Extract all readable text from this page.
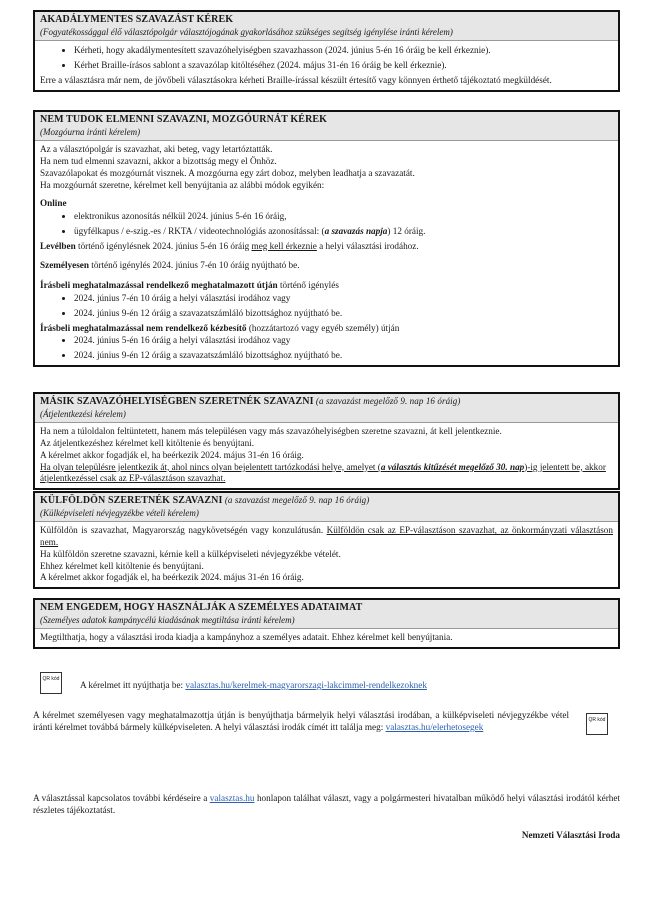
AKADÁLYMENTES SZAVAZÁST KÉREK
(Fogyatékossággal élő választópolgár választójogának gyakorlásához szükséges segítség igénylése iránti kérelem)
• Kérheti, hogy akadálymentesített szavazóhelyiségben szavazhasson (2024. június 5-én 16 óráig be kell érkeznie).
• Kérhet Braille-írásos sablont a szavazólap kitöltéséhez (2024. május 31-én 16 óráig be kell érkeznie).

Erre a választásra már nem, de jövőbeli választásokra kérheti Braille-írással készült értesítő vagy könnyen érthető tájékoztató megküldését.

NEM TUDOK ELMENNI SZAVAZNI, MOZGÓURNÁT KÉREK
(Mozgóurna iránti kérelem)

Az a választópolgár is szavazhat, aki beteg, vagy letartóztatták.

Ha nem tud elmenni szavazni, akkor a bizottság megy el Önhöz.

Szavazólapokat és mozgóurnát visznek. A mozgóurna egy zárt doboz, melyben leadhatja a szavazatát.

Ha mozgóurnát szeretne, kérelmet kell benyújtania az alábbi módok egyikén:

Online

• elektronikus azonosítás nélkül 2024. június 5-én 16 óráig,
• ügyfélkapus / e-szig.-es / RKTA / videotechnológiás azonosítással: (a szavazás napja) 12 óráig.

Levélben történő igénylésnek 2024. június 5-én 16 óráig meg kell érkeznie a helyi választási irodához.

Személyesen történő igénylés 2024. június 7-én 10 óráig nyújtható be.

Írásbeli meghatalmazással rendelkező meghatalmazott útján történő igénylés

• 2024. június 7-én 10 óráig a helyi választási irodához vagy
• 2024. június 9-én 12 óráig a szavazatszámláló bizottsághoz nyújtható be.

Írásbeli meghatalmazással nem rendelkező kézbesítő (hozzátartozó vagy egyéb személy) útján

• 2024. június 5-én 16 óráig a helyi választási irodához vagy
• 2024. június 9-én 12 óráig a szavazatszámláló bizottsághoz nyújtható be.
MÁSIK SZAVAZÓHELYISÉGBEN SZERETNÉK SZAVAZNI (a szavazást megelőző 9. nap 16 óráig)
(Átjelentkezési kérelem)

Ha nem a túloldalon feltüntetett, hanem más településen vagy más szavazóhelyiségben szeretne szavazni, át kell jelentkeznie.

Az átjelentkezéshez kérelmet kell kitöltenie és benyújtani.

A kérelmet akkor fogadják el, ha beérkezik 2024. május 31-én 16 óráig.

Ha olyan településre jelentkezik át, ahol nincs olyan bejelentett tartózkodási helye, amelyet (a választás kitűzését megelőző 30. nap)-ig jelentett be, akkor átjelentkezéssel csak az EP-választáson szavazhat.

KÜLFÖLDÖN SZERETNÉK SZAVAZNI (a szavazást megelőző 9. nap 16 óráig)
(Külképviseleti névjegyzékbe vételi kérelem)

Külföldön is szavazhat, Magyarország nagykövetségén vagy konzulátusán. Külföldön csak az EP-választáson szavazhat, az önkormányzati választáson nem.

Ha külföldön szeretne szavazni, kérnie kell a külképviseleti névjegyzékbe vételét.

Ehhez kérelmet kell kitöltenie és benyújtani.

A kérelmet akkor fogadják el, ha beérkezik 2024. május 31-én 16 óráig.

NEM ENGEDEM, HOGY HASZNÁLJÁK A SZEMÉLYES ADATAIMAT
(Személyes adatok kampánycélú kiadásának megtiltása iránti kérelem)

Megtilthatja, hogy a választási iroda kiadja a kampányhoz a személyes adatait. Ehhez kérelmet kell benyújtania.

QR kód
A kérelmet itt nyújthatja be: valasztas.hu/kerelmek-magyarorszagi-lakcimmel-rendelkezoknek
A kérelmet személyesen vagy meghatalmazottja útján is benyújthatja bármelyik helyi választási irodában, a külképviseleti névjegyzékbe vétel iránti kérelmet továbbá bármely külképviseleten. A helyi választási irodák címét itt találja meg: valasztas.hu/elerhetosegek
QR kód
A választással kapcsolatos további kérdéseire a valasztas.hu honlapon találhat választ, vagy a polgármesteri hivatalban működő helyi választási irodától kérhet részletes tájékoztatást.
Nemzeti Választási Iroda
